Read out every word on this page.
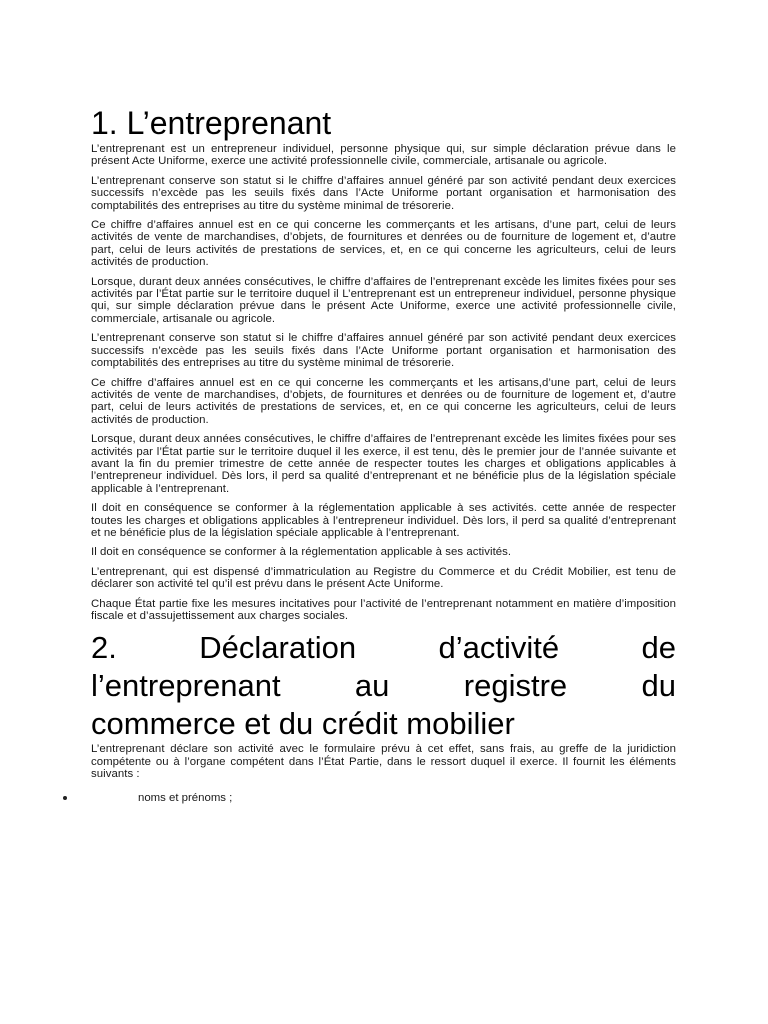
1. L’entreprenant

L’entreprenant est un entrepreneur individuel, personne physique qui, sur simple déclaration prévue dans le présent Acte Uniforme, exerce une activité professionnelle civile, commerciale, artisanale ou agricole.

L’entreprenant conserve son statut si le chiffre d’affaires annuel généré par son activité pendant deux exercices successifs n’excède pas les seuils fixés dans l’Acte Uniforme portant organisation et harmonisation des comptabilités des entreprises au titre du système minimal de trésorerie.

Ce chiffre d’affaires annuel est en ce qui concerne les commerçants et les artisans, d’une part, celui de leurs activités de vente de marchandises, d’objets, de fournitures et denrées ou de fourniture de logement et, d’autre part, celui de leurs activités de prestations de services, et, en ce qui concerne les agriculteurs, celui de leurs activités de production.

Lorsque, durant deux années consécutives, le chiffre d’affaires de l’entreprenant excède les limites fixées pour ses activités par l’État partie sur le territoire duquel il L’entreprenant est un entrepreneur individuel, personne physique qui, sur simple déclaration prévue dans le présent Acte Uniforme, exerce une activité professionnelle civile, commerciale, artisanale ou agricole.

L’entreprenant conserve son statut si le chiffre d’affaires annuel généré par son activité pendant deux exercices successifs n’excède pas les seuils fixés dans l’Acte Uniforme portant organisation et harmonisation des comptabilités des entreprises au titre du système minimal de trésorerie.

Ce chiffre d’affaires annuel est en ce qui concerne les commerçants et les artisans,d’une part, celui de leurs activités de vente de marchandises, d’objets, de fournitures et denrées ou de fourniture de logement et, d’autre part, celui de leurs activités de prestations de services, et, en ce qui concerne les agriculteurs, celui de leurs activités de production.

Lorsque, durant deux années consécutives, le chiffre d’affaires de l’entreprenant excède les limites fixées pour ses activités par l’État partie sur le territoire duquel il les exerce, il est tenu, dès le premier jour de l’année suivante et avant la fin du premier trimestre de cette année de respecter toutes les charges et obligations applicables à l’entrepreneur individuel. Dès lors, il perd sa qualité d’entreprenant et ne bénéficie plus de la législation spéciale applicable à l’entreprenant.

Il doit en conséquence se conformer à la réglementation applicable à ses activités. cette année de respecter toutes les charges et obligations applicables à l’entrepreneur individuel. Dès lors, il perd sa qualité d’entreprenant et ne bénéficie plus de la législation spéciale applicable à l’entreprenant.

Il doit en conséquence se conformer à la réglementation applicable à ses activités.

L’entreprenant, qui est dispensé d’immatriculation au Registre du Commerce et du Crédit Mobilier, est tenu de déclarer son activité tel qu’il est prévu dans le présent Acte Uniforme.

Chaque État partie fixe les mesures incitatives pour l’activité de l’entreprenant notamment en matière d’imposition fiscale et d’assujettissement aux charges sociales.

2. Déclaration d’activité de
l’entreprenant au registre du
commerce et du crédit mobilier

L’entreprenant déclare son activité avec le formulaire prévu à cet effet, sans frais, au greffe de la juridiction compétente ou à l’organe compétent dans l’État Partie, dans le ressort duquel il exerce. Il fournit les éléments suivants :

noms et prénoms ;
